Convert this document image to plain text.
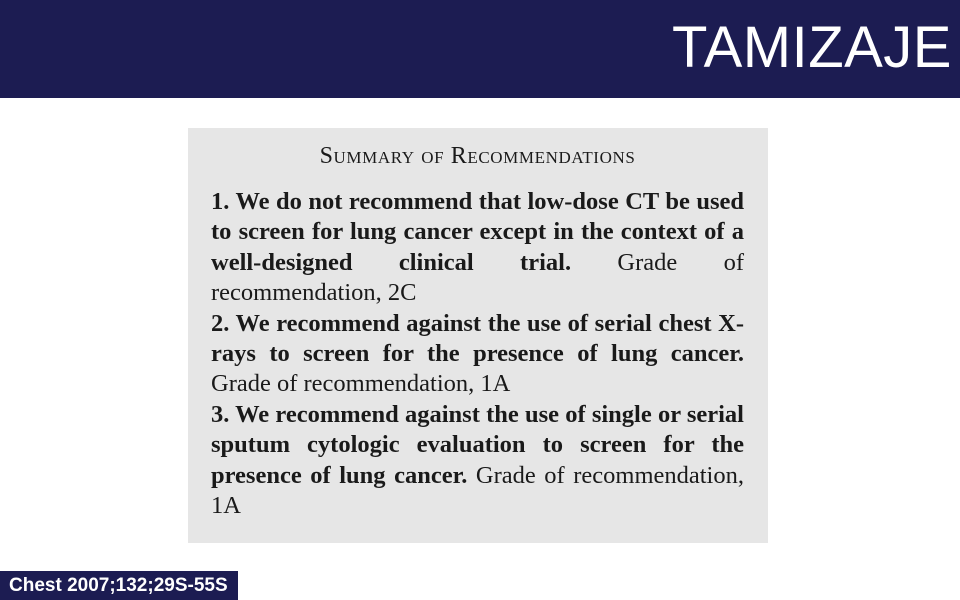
TAMIZAJE
Summary of Recommendations

1. We do not recommend that low-dose CT be used to screen for lung cancer except in the context of a well-designed clinical trial. Grade of recommendation, 2C

2. We recommend against the use of serial chest X-rays to screen for the presence of lung cancer. Grade of recommendation, 1A

3. We recommend against the use of single or serial sputum cytologic evaluation to screen for the presence of lung cancer. Grade of recommendation, 1A

Chest 2007;132;29S-55S
